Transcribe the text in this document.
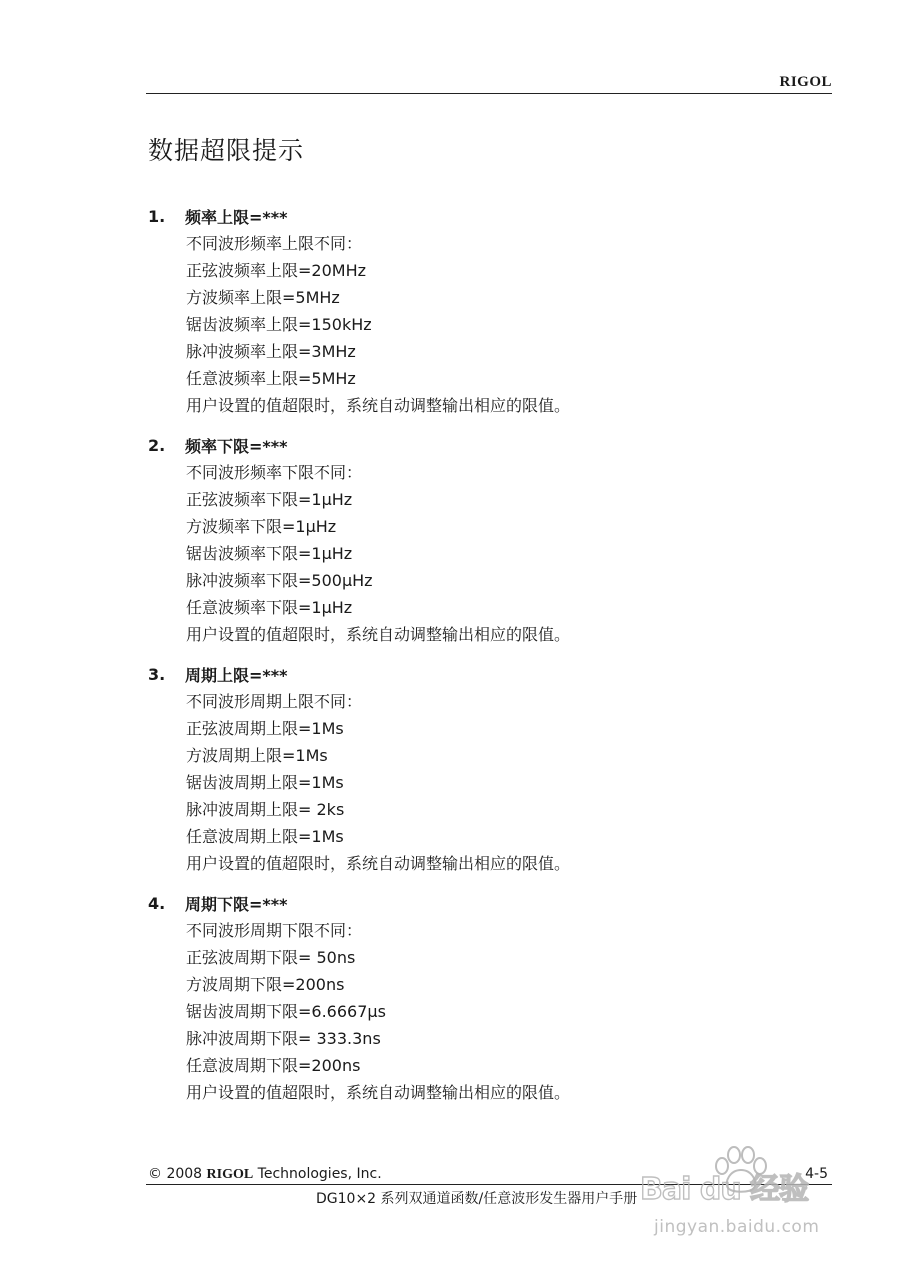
RIGOL
数据超限提示
1.	频率上限=***
不同波形频率上限不同：
正弦波频率上限=20MHz
方波频率上限=5MHz
锯齿波频率上限=150kHz
脉冲波频率上限=3MHz
任意波频率上限=5MHz
用户设置的值超限时，系统自动调整输出相应的限值。
2.	频率下限=***
不同波形频率下限不同：
正弦波频率下限=1μHz
方波频率下限=1μHz
锯齿波频率下限=1μHz
脉冲波频率下限=500μHz
任意波频率下限=1μHz
用户设置的值超限时，系统自动调整输出相应的限值。
3.	周期上限=***
不同波形周期上限不同：
正弦波周期上限=1Ms
方波周期上限=1Ms
锯齿波周期上限=1Ms
脉冲波周期上限= 2ks
任意波周期上限=1Ms
用户设置的值超限时，系统自动调整输出相应的限值。
4.	周期下限=***
不同波形周期下限不同：
正弦波周期下限= 50ns
方波周期下限=200ns
锯齿波周期下限=6.6667μs
脉冲波周期下限= 333.3ns
任意波周期下限=200ns
用户设置的值超限时，系统自动调整输出相应的限值。
© 2008 RIGOL Technologies, Inc.	4-5
DG10×2 系列双通道函数/任意波形发生器用户手册 Bai du 经验
jingyan.baidu.com
